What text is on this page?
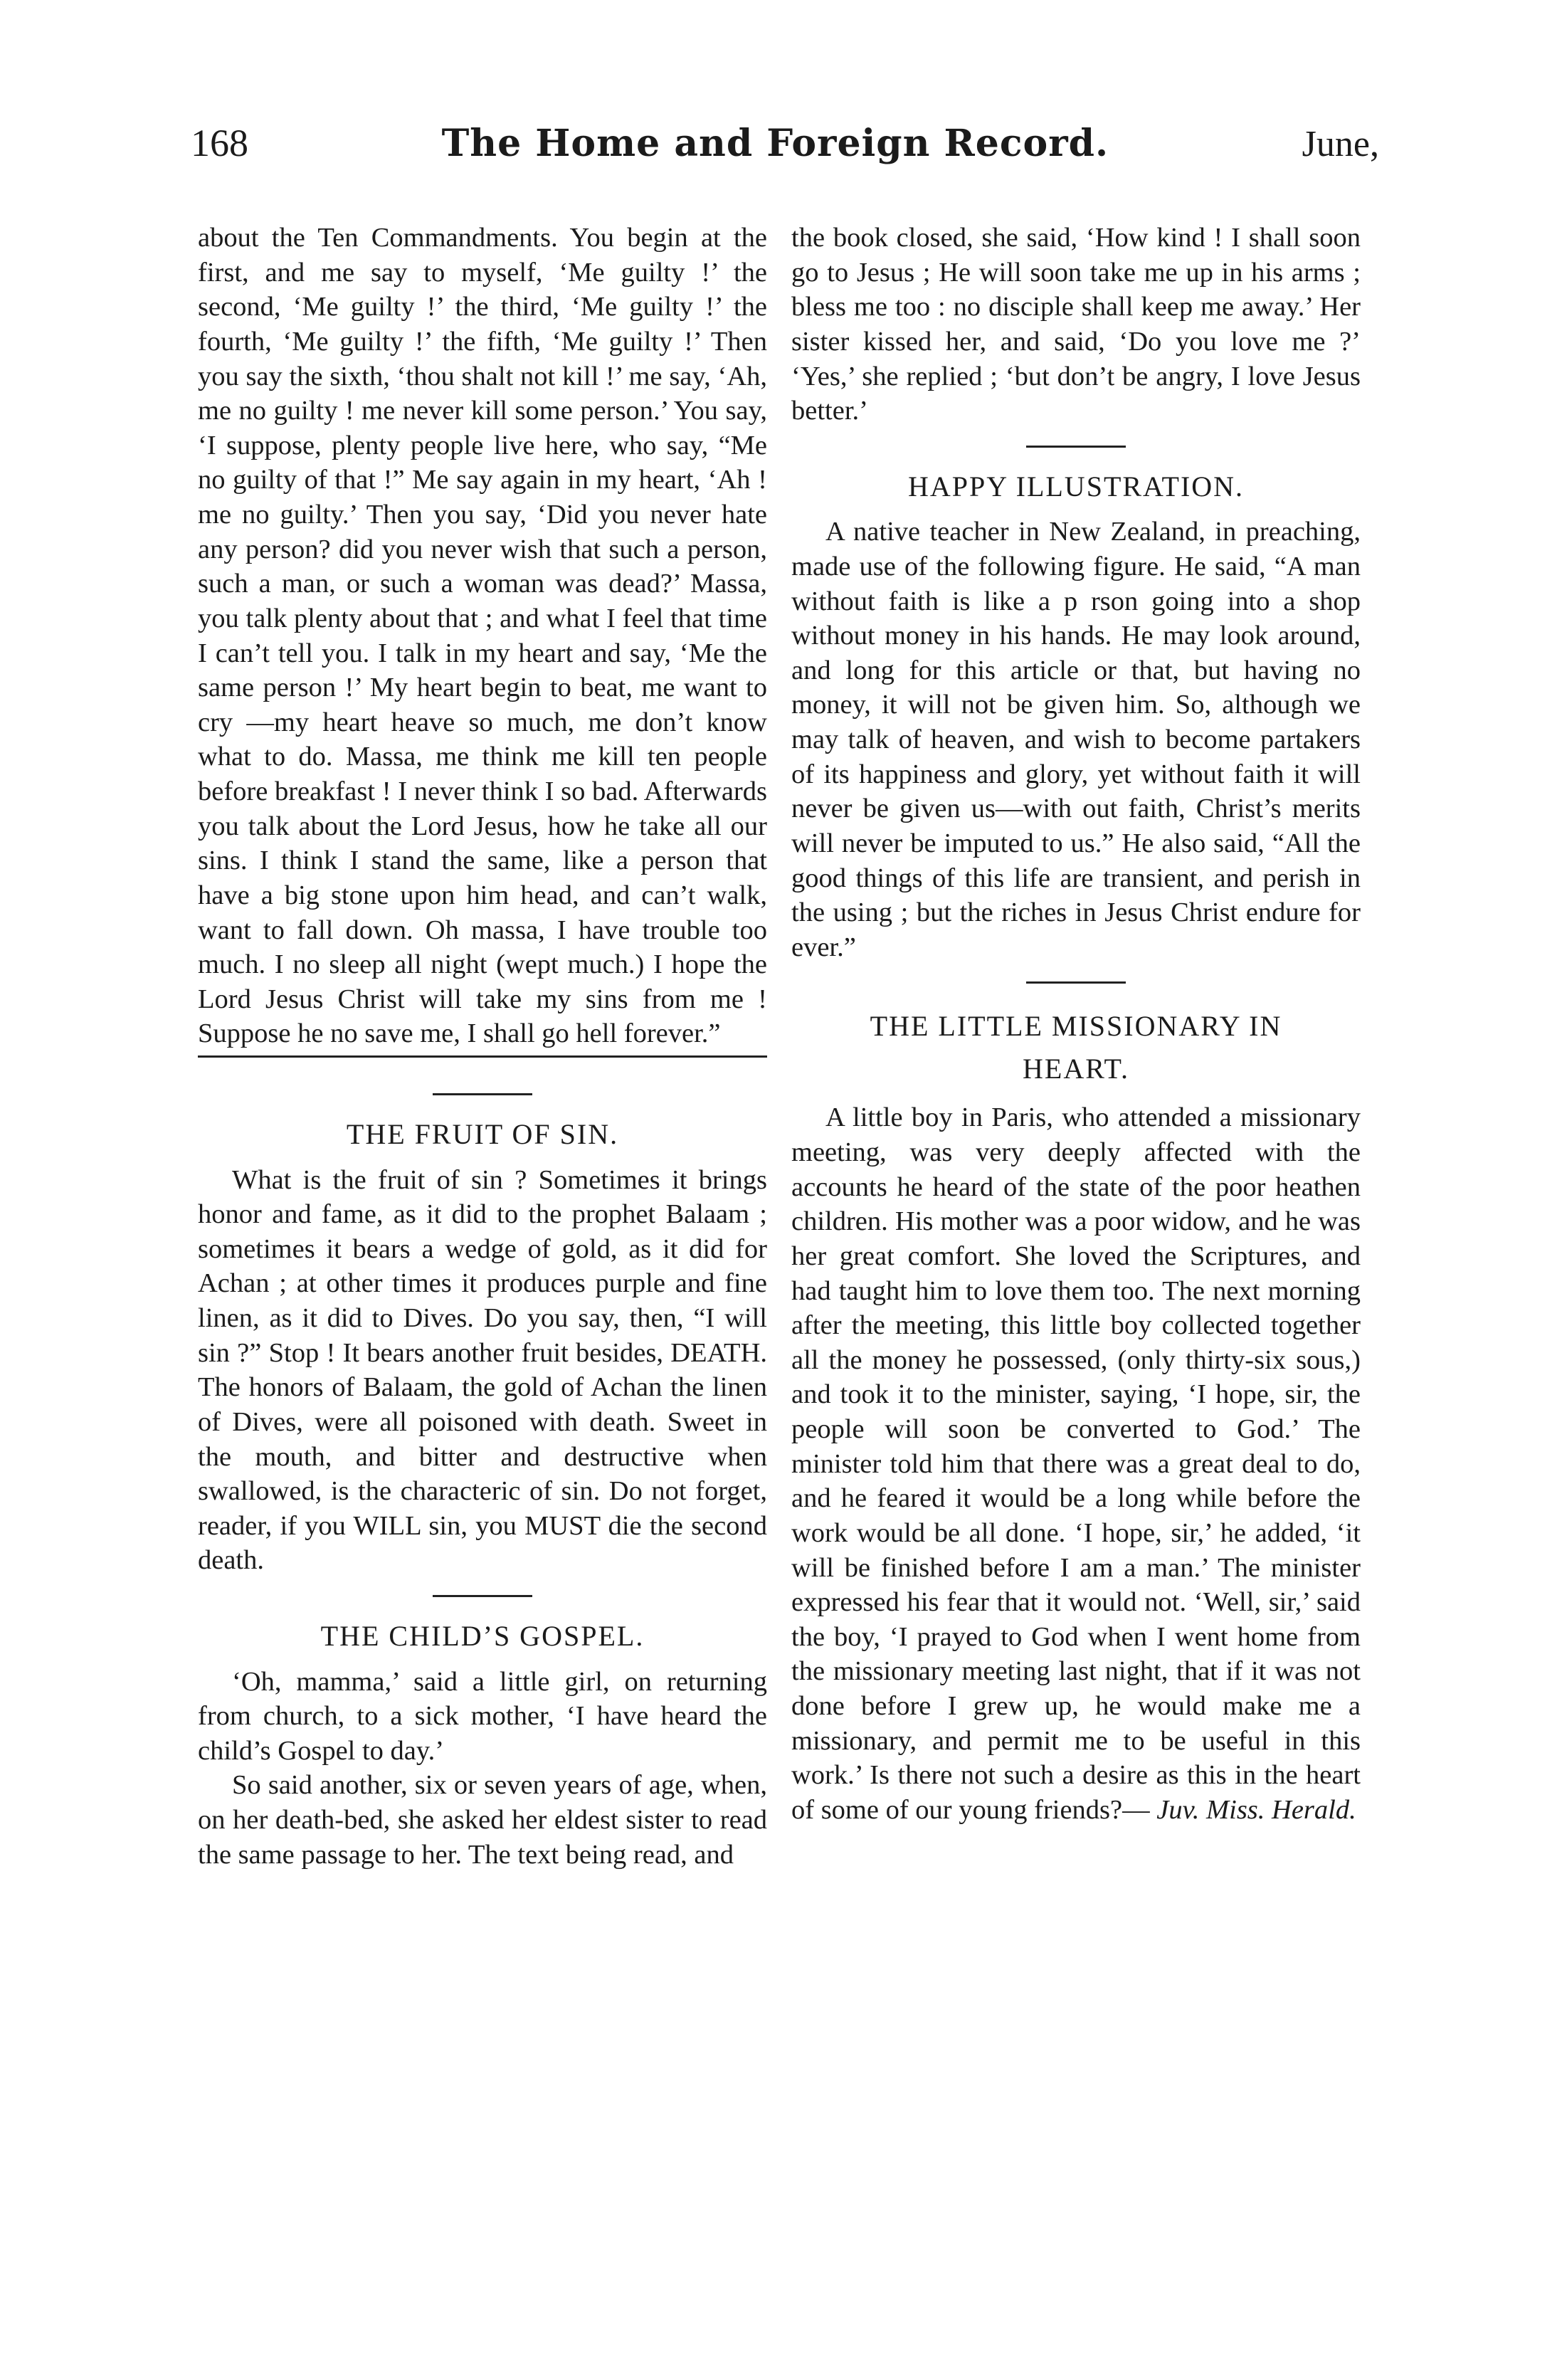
168	The Home and Foreign Record.	June,

about the Ten Commandments. You begin at the first, and me say to myself, ‘Me guilty !’ the second, ‘Me guilty !’ the third, ‘Me guilty !’ the fourth, ‘Me guilty !’ the fifth, ‘Me guilty !’ Then you say the sixth, ‘thou shalt not kill !’ me say, ‘Ah, me no guilty ! me never kill some person.’ You say, ‘I suppose, plenty people live here, who say, “Me no guilty of that !” Me say again in my heart, ‘Ah ! me no guilty.’ Then you say, ‘Did you never hate any person? did you never wish that such a person, such a man, or such a woman was dead?’ Massa, you talk plenty about that ; and what I feel that time I can’t tell you. I talk in my heart and say, ‘Me the same person !’ My heart begin to beat, me want to cry —my heart heave so much, me don’t know what to do. Massa, me think me kill ten people before breakfast ! I never think I so bad. Afterwards you talk about the Lord Jesus, how he take all our sins. I think I stand the same, like a person that have a big stone upon him head, and can’t walk, want to fall down. Oh massa, I have trouble too much. I no sleep all night (wept much.) I hope the Lord Jesus Christ will take my sins from me ! Suppose he no save me, I shall go hell forever.”

THE FRUIT OF SIN.

What is the fruit of sin ? Sometimes it brings honor and fame, as it did to the prophet Balaam ; sometimes it bears a wedge of gold, as it did for Achan ; at other times it produces purple and fine linen, as it did to Dives. Do you say, then, “I will sin ?” Stop ! It bears another fruit besides, DEATH. The honors of Balaam, the gold of Achan the linen of Dives, were all poisoned with death. Sweet in the mouth, and bitter and destructive when swallowed, is the characteric of sin. Do not forget, reader, if you WILL sin, you MUST die the second death.

THE CHILD’S GOSPEL.

‘Oh, mamma,’ said a little girl, on returning from church, to a sick mother, ‘I have heard the child’s Gospel to day.’

So said another, six or seven years of age, when, on her death-bed, she asked her eldest sister to read the same passage to her. The text being read, and

the book closed, she said, ‘How kind ! I shall soon go to Jesus ; He will soon take me up in his arms ; bless me too : no disciple shall keep me away.’ Her sister kissed her, and said, ‘Do you love me ?’ ‘Yes,’ she replied ; ‘but don’t be angry, I love Jesus better.’

HAPPY ILLUSTRATION.

A native teacher in New Zealand, in preaching, made use of the following figure. He said, “A man without faith is like a p rson going into a shop without money in his hands. He may look around, and long for this article or that, but having no money, it will not be given him. So, although we may talk of heaven, and wish to become partakers of its happiness and glory, yet without faith it will never be given us—with out faith, Christ’s merits will never be imputed to us.” He also said, “All the good things of this life are transient, and perish in the using ; but the riches in Jesus Christ endure for ever.”

THE LITTLE MISSIONARY IN
HEART.

A little boy in Paris, who attended a missionary meeting, was very deeply affected with the accounts he heard of the state of the poor heathen children. His mother was a poor widow, and he was her great comfort. She loved the Scriptures, and had taught him to love them too. The next morning after the meeting, this little boy collected together all the money he possessed, (only thirty-six sous,) and took it to the minister, saying, ‘I hope, sir, the people will soon be converted to God.’ The minister told him that there was a great deal to do, and he feared it would be a long while before the work would be all done. ‘I hope, sir,’ he added, ‘it will be finished before I am a man.’ The minister expressed his fear that it would not. ‘Well, sir,’ said the boy, ‘I prayed to God when I went home from the missionary meeting last night, that if it was not done before I grew up, he would make me a missionary, and permit me to be useful in this work.’ Is there not such a desire as this in the heart of some of our young friends?— Juv. Miss. Herald.
